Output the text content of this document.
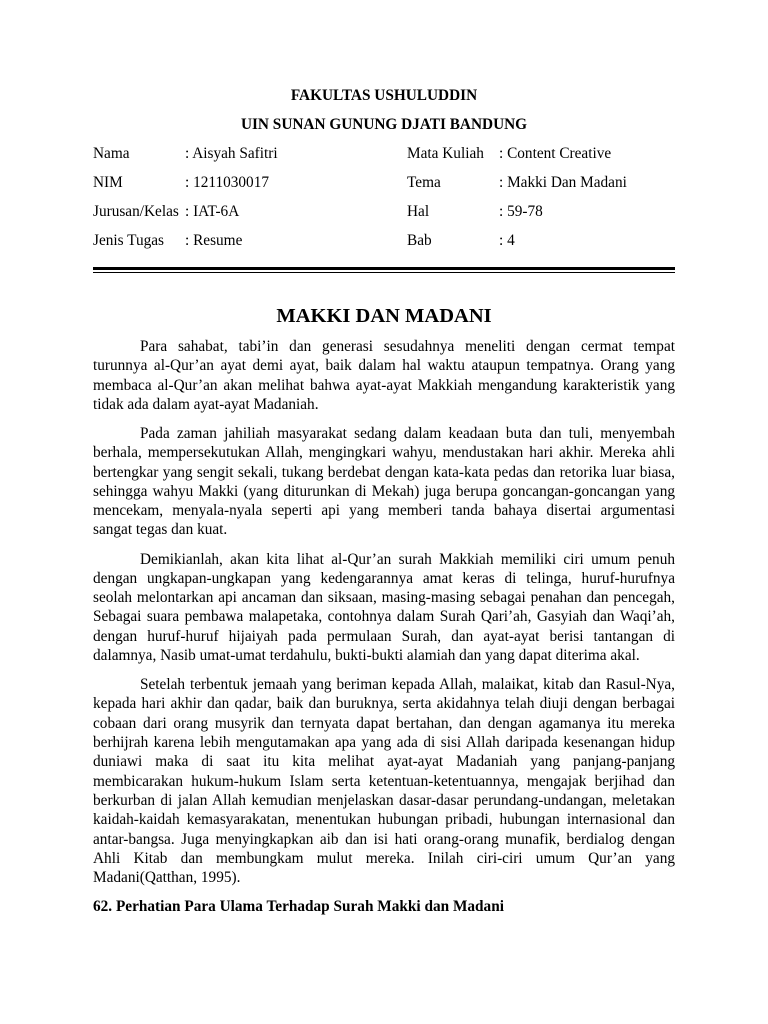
FAKULTAS USHULUDDIN
UIN SUNAN GUNUNG DJATI BANDUNG
Nama	: Aisyah Safitri	Mata Kuliah : Content Creative
NIM	: 1211030017	Tema	: Makki Dan Madani
Jurusan/Kelas : IAT-6A	Hal	: 59-78
Jenis Tugas : Resume	Bab	: 4
MAKKI DAN MADANI
Para sahabat, tabi’in dan generasi sesudahnya meneliti dengan cermat tempat
turunnya al-Qur’an ayat demi ayat, baik dalam hal waktu ataupun tempatnya. Orang yang
membaca al-Qur’an akan melihat bahwa ayat-ayat Makkiah mengandung karakteristik yang
tidak ada dalam ayat-ayat Madaniah.
Pada zaman jahiliah masyarakat sedang dalam keadaan buta dan tuli, menyembah
berhala, mempersekutukan Allah, mengingkari wahyu, mendustakan hari akhir. Mereka ahli
bertengkar yang sengit sekali, tukang berdebat dengan kata-kata pedas dan retorika luar biasa,
sehingga wahyu Makki (yang diturunkan di Mekah) juga berupa goncangan-goncangan yang
mencekam, menyala-nyala seperti api yang memberi tanda bahaya disertai argumentasi
sangat tegas dan kuat.
Demikianlah, akan kita lihat al-Qur’an surah Makkiah memiliki ciri umum penuh
dengan ungkapan-ungkapan yang kedengarannya amat keras di telinga, huruf-hurufnya
seolah melontarkan api ancaman dan siksaan, masing-masing sebagai penahan dan pencegah,
Sebagai suara pembawa malapetaka, contohnya dalam Surah Qari’ah, Gasyiah dan Waqi’ah,
dengan huruf-huruf hijaiyah pada permulaan Surah, dan ayat-ayat berisi tantangan di
dalamnya, Nasib umat-umat terdahulu, bukti-bukti alamiah dan yang dapat diterima akal.
Setelah terbentuk jemaah yang beriman kepada Allah, malaikat, kitab dan Rasul-Nya,
kepada hari akhir dan qadar, baik dan buruknya, serta akidahnya telah diuji dengan berbagai
cobaan dari orang musyrik dan ternyata dapat bertahan, dan dengan agamanya itu mereka
berhijrah karena lebih mengutamakan apa yang ada di sisi Allah daripada kesenangan hidup
duniawi maka di saat itu kita melihat ayat-ayat Madaniah yang panjang-panjang
membicarakan hukum-hukum Islam serta ketentuan-ketentuannya, mengajak berjihad dan
berkurban di jalan Allah kemudian menjelaskan dasar-dasar perundang-undangan, meletakan
kaidah-kaidah kemasyarakatan, menentukan hubungan pribadi, hubungan internasional dan
antar-bangsa. Juga menyingkapkan aib dan isi hati orang-orang munafik, berdialog dengan
Ahli Kitab dan membungkam mulut mereka. Inilah ciri-ciri umum Qur’an yang
Madani(Qatthan, 1995).
62. Perhatian Para Ulama Terhadap Surah Makki dan Madani
